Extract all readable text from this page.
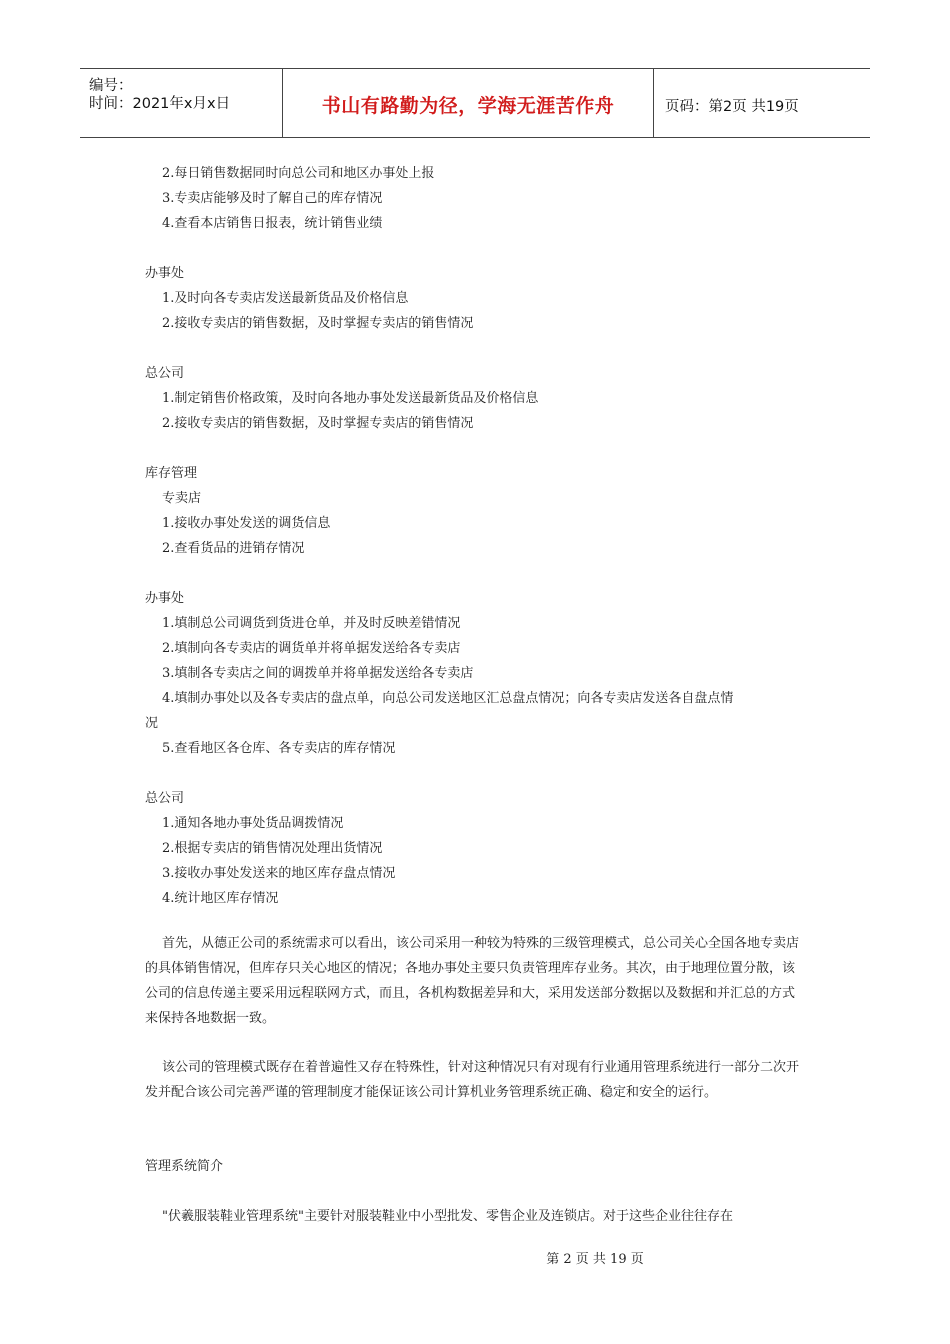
编号：
时间：2021年x月x日	书山有路勤为径，学海无涯苦作舟	页码：第2页 共19页
2.每日销售数据同时向总公司和地区办事处上报
3.专卖店能够及时了解自己的库存情况
4.查看本店销售日报表，统计销售业绩
办事处
1.及时向各专卖店发送最新货品及价格信息
2.接收专卖店的销售数据，及时掌握专卖店的销售情况
总公司
1.制定销售价格政策，及时向各地办事处发送最新货品及价格信息
2.接收专卖店的销售数据，及时掌握专卖店的销售情况
库存管理
专卖店
1.接收办事处发送的调货信息
2.查看货品的进销存情况
办事处
1.填制总公司调货到货进仓单，并及时反映差错情况
2.填制向各专卖店的调货单并将单据发送给各专卖店
3.填制各专卖店之间的调拨单并将单据发送给各专卖店
4.填制办事处以及各专卖店的盘点单，向总公司发送地区汇总盘点情况；向各专卖店发送各自盘点情
况
5.查看地区各仓库、各专卖店的库存情况
总公司
1.通知各地办事处货品调拨情况
2.根据专卖店的销售情况处理出货情况
3.接收办事处发送来的地区库存盘点情况
4.统计地区库存情况
首先，从德正公司的系统需求可以看出，该公司采用一种较为特殊的三级管理模式，总公司关心全国各地专卖店的具体销售情况，但库存只关心地区的情况；各地办事处主要只负责管理库存业务。其次，由于地理位置分散，该公司的信息传递主要采用远程联网方式，而且，各机构数据差异和大，采用发送部分数据以及数据和并汇总的方式来保持各地数据一致。
该公司的管理模式既存在着普遍性又存在特殊性，针对这种情况只有对现有行业通用管理系统进行一部分二次开发并配合该公司完善严谨的管理制度才能保证该公司计算机业务管理系统正确、稳定和安全的运行。
管理系统简介
"伏羲服装鞋业管理系统"主要针对服装鞋业中小型批发、零售企业及连锁店。对于这些企业往往存在
第 2 页 共 19 页
